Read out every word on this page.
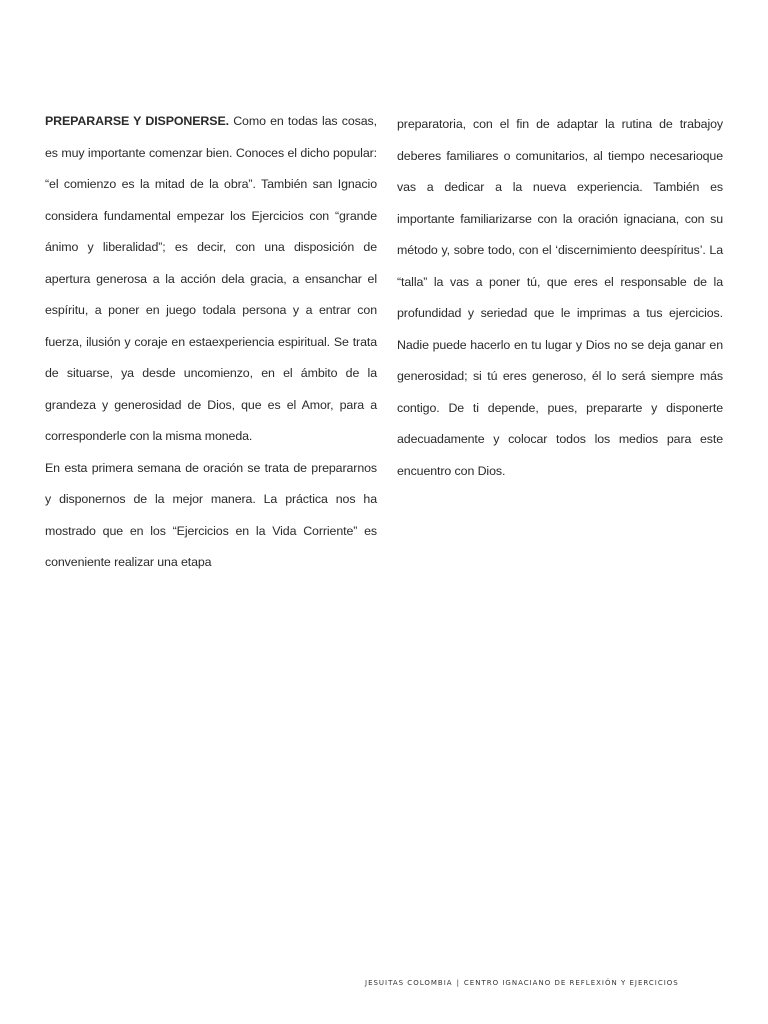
PREPARARSE Y DISPONERSE. Como en todas las cosas, es muy importante comenzar bien. Conoces el dicho popular: “el comienzo es la mitad de la obra”. También san Ignacio considera fundamental empezar los Ejercicios con “grande ánimo y liberalidad”; es decir, con una disposición de apertura generosa a la acción dela gracia, a ensanchar el espíritu, a poner en juego todala persona y a entrar con fuerza, ilusión y coraje en estaexperiencia espiritual. Se trata de situarse, ya desde uncomienzo, en el ámbito de la grandeza y generosidad de Dios, que es el Amor, para a corresponderle con la misma moneda.

En esta primera semana de oración se trata de prepararnos y disponernos de la mejor manera. La práctica nos ha mostrado que en los “Ejercicios en la Vida Corriente” es conveniente realizar una etapa

preparatoria, con el fin de adaptar la rutina de trabajoy deberes familiares o comunitarios, al tiempo necesarioque vas a dedicar a la nueva experiencia. También es importante familiarizarse con la oración ignaciana, con su método y, sobre todo, con el ‘discernimiento deespíritus’. La “talla” la vas a poner tú, que eres el responsable de la profundidad y seriedad que le imprimas a tus ejercicios. Nadie puede hacerlo en tu lugar y Dios no se deja ganar en generosidad; si tú eres generoso, él lo será siempre más contigo. De ti depende, pues, prepararte y disponerte adecuadamente y colocar todos los medios para este encuentro con Dios.

JESUITAS COLOMBIA | CENTRO IGNACIANO DE REFLEXIÓN Y EJERCICIOS
